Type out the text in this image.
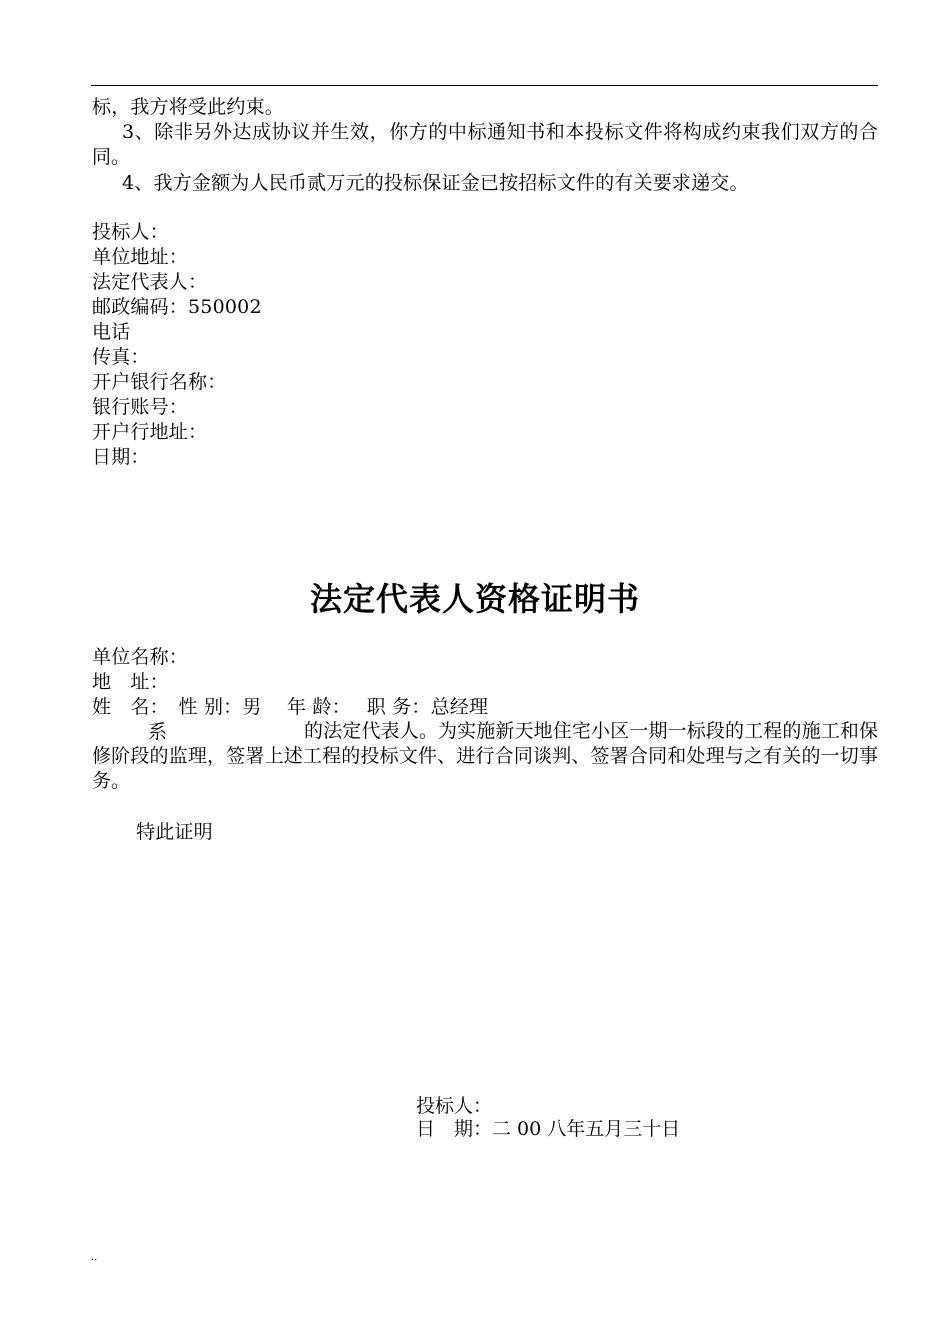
标，我方将受此约束。
3、除非另外达成协议并生效，你方的中标通知书和本投标文件将构成约束我们双方的合同。
4、我方金额为人民币贰万元的投标保证金已按招标文件的有关要求递交。
投标人：
单位地址：
法定代表人：
邮政编码：550002
电话
传真：
开户银行名称：
银行账号：
开户行地址：
日期：
法定代表人资格证明书
单位名称：
地　址：
姓　名：　性 别：男　 年 龄：　 职 务：总经理
系	的法定代表人。为实施新天地住宅小区一期一标段的工程的施工和保修阶段的监理，签署上述工程的投标文件、进行合同谈判、签署合同和处理与之有关的一切事务。
特此证明
投标人：
日　期：二 00 八年五月三十日
..
